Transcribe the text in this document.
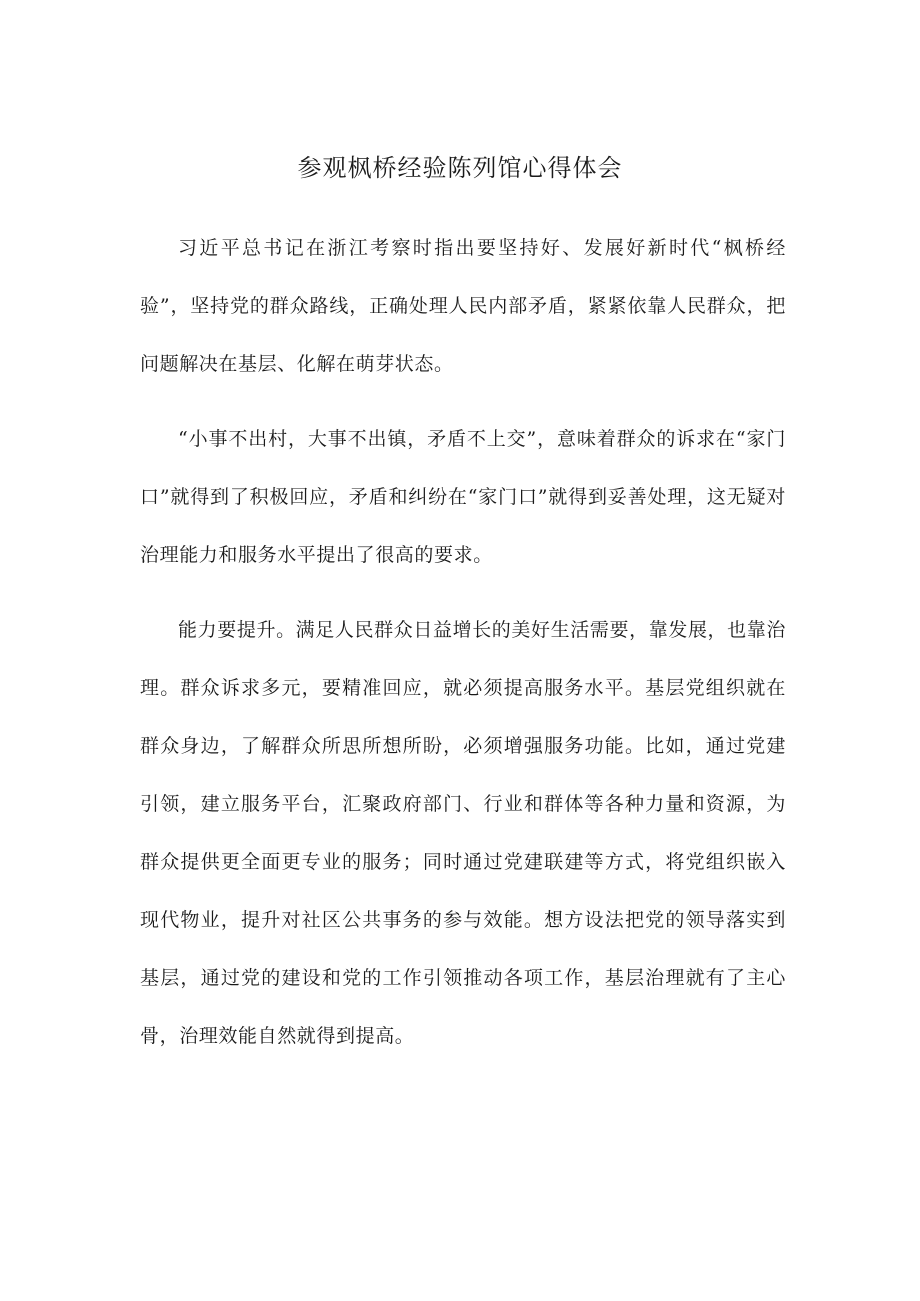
参观枫桥经验陈列馆心得体会

习近平总书记在浙江考察时指出要坚持好、发展好新时代“枫桥经验”，坚持党的群众路线，正确处理人民内部矛盾，紧紧依靠人民群众，把问题解决在基层、化解在萌芽状态。

“小事不出村，大事不出镇，矛盾不上交”，意味着群众的诉求在“家门口”就得到了积极回应，矛盾和纠纷在“家门口”就得到妥善处理，这无疑对治理能力和服务水平提出了很高的要求。

能力要提升。满足人民群众日益增长的美好生活需要，靠发展，也靠治理。群众诉求多元，要精准回应，就必须提高服务水平。基层党组织就在群众身边，了解群众所思所想所盼，必须增强服务功能。比如，通过党建引领，建立服务平台，汇聚政府部门、行业和群体等各种力量和资源，为群众提供更全面更专业的服务；同时通过党建联建等方式，将党组织嵌入现代物业，提升对社区公共事务的参与效能。想方设法把党的领导落实到基层，通过党的建设和党的工作引领推动各项工作，基层治理就有了主心骨，治理效能自然就得到提高。
